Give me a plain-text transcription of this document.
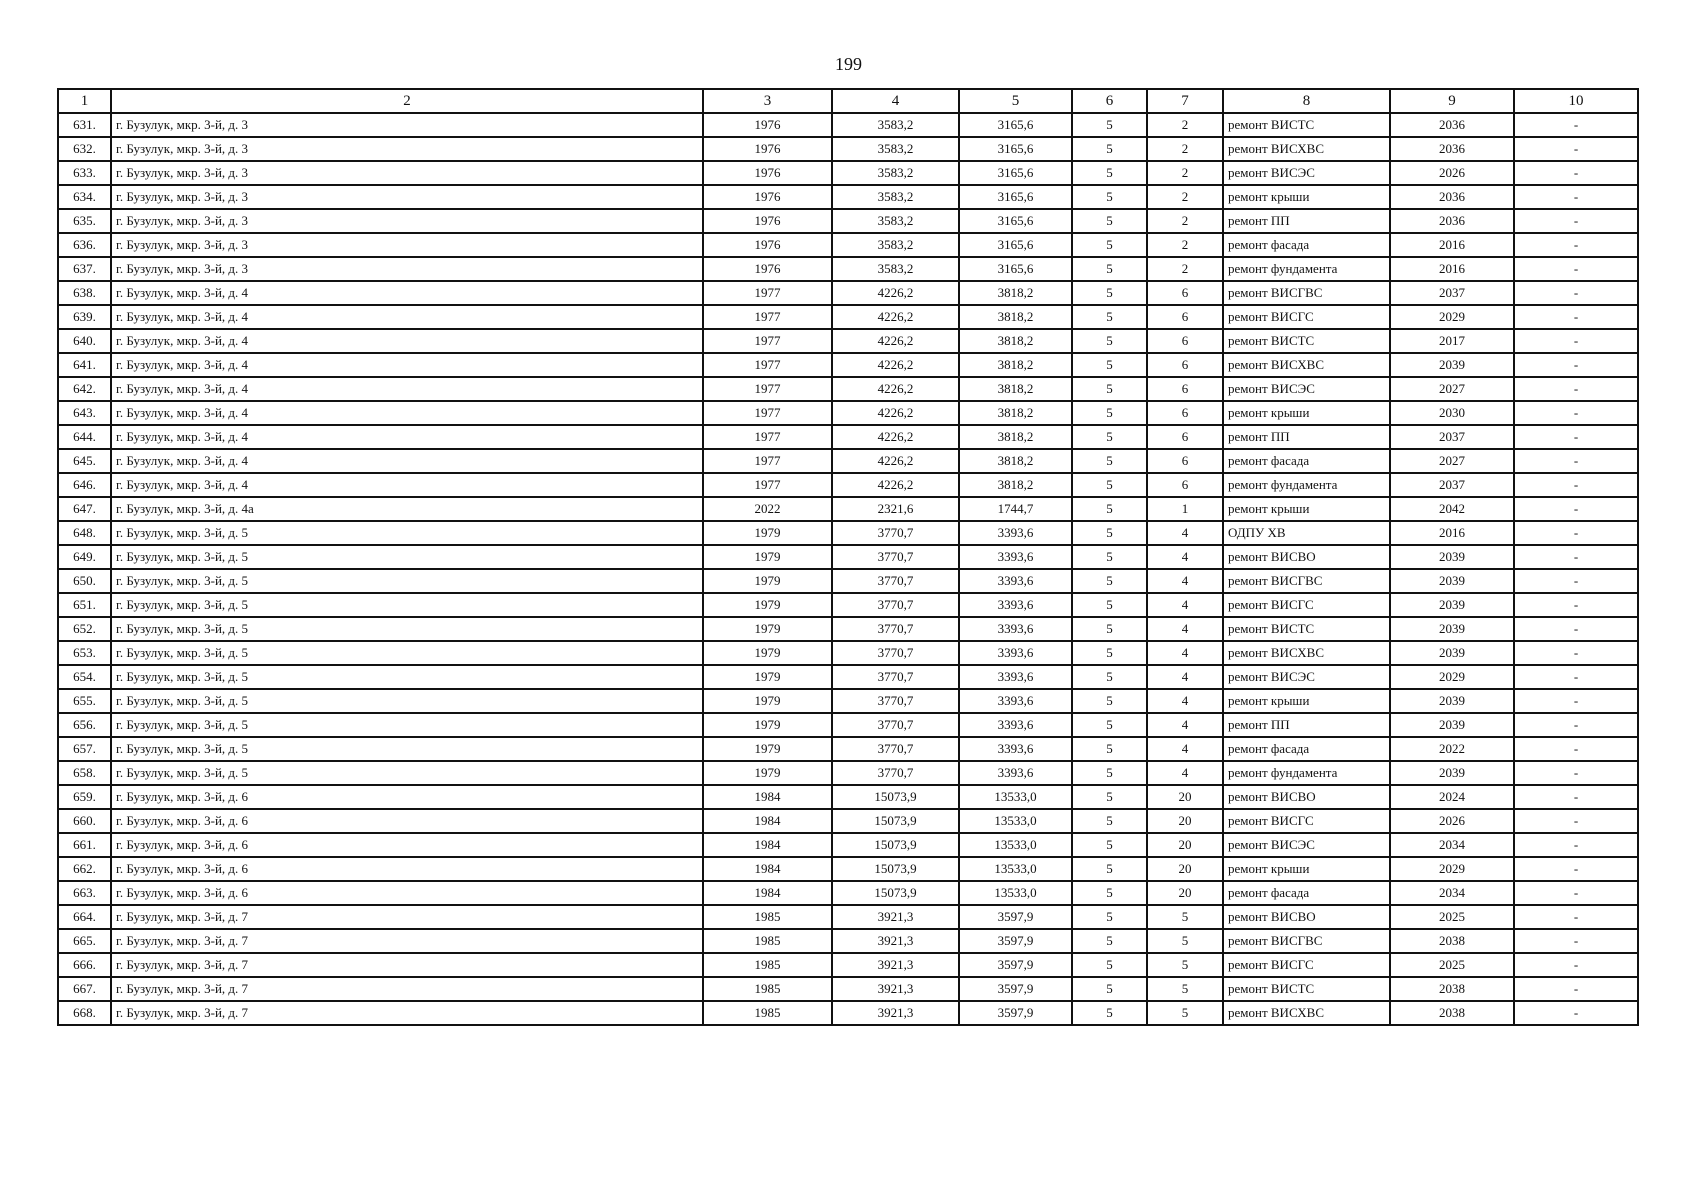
199
1	2	3	4	5	6	7	8	9	10
631.	г. Бузулук, мкр. 3-й, д. 3	1976	3583,2	3165,6	5	2	ремонт ВИСТС	2036	-
632.	г. Бузулук, мкр. 3-й, д. 3	1976	3583,2	3165,6	5	2	ремонт ВИСХВС	2036	-
633.	г. Бузулук, мкр. 3-й, д. 3	1976	3583,2	3165,6	5	2	ремонт ВИСЭС	2026	-
634.	г. Бузулук, мкр. 3-й, д. 3	1976	3583,2	3165,6	5	2	ремонт крыши	2036	-
635.	г. Бузулук, мкр. 3-й, д. 3	1976	3583,2	3165,6	5	2	ремонт ПП	2036	-
636.	г. Бузулук, мкр. 3-й, д. 3	1976	3583,2	3165,6	5	2	ремонт фасада	2016	-
637.	г. Бузулук, мкр. 3-й, д. 3	1976	3583,2	3165,6	5	2	ремонт фундамента	2016	-
638.	г. Бузулук, мкр. 3-й, д. 4	1977	4226,2	3818,2	5	6	ремонт ВИСГВС	2037	-
639.	г. Бузулук, мкр. 3-й, д. 4	1977	4226,2	3818,2	5	6	ремонт ВИСГС	2029	-
640.	г. Бузулук, мкр. 3-й, д. 4	1977	4226,2	3818,2	5	6	ремонт ВИСТС	2017	-
641.	г. Бузулук, мкр. 3-й, д. 4	1977	4226,2	3818,2	5	6	ремонт ВИСХВС	2039	-
642.	г. Бузулук, мкр. 3-й, д. 4	1977	4226,2	3818,2	5	6	ремонт ВИСЭС	2027	-
643.	г. Бузулук, мкр. 3-й, д. 4	1977	4226,2	3818,2	5	6	ремонт крыши	2030	-
644.	г. Бузулук, мкр. 3-й, д. 4	1977	4226,2	3818,2	5	6	ремонт ПП	2037	-
645.	г. Бузулук, мкр. 3-й, д. 4	1977	4226,2	3818,2	5	6	ремонт фасада	2027	-
646.	г. Бузулук, мкр. 3-й, д. 4	1977	4226,2	3818,2	5	6	ремонт фундамента	2037	-
647.	г. Бузулук, мкр. 3-й, д. 4а	2022	2321,6	1744,7	5	1	ремонт крыши	2042	-
648.	г. Бузулук, мкр. 3-й, д. 5	1979	3770,7	3393,6	5	4	ОДПУ ХВ	2016	-
649.	г. Бузулук, мкр. 3-й, д. 5	1979	3770,7	3393,6	5	4	ремонт ВИСВО	2039	-
650.	г. Бузулук, мкр. 3-й, д. 5	1979	3770,7	3393,6	5	4	ремонт ВИСГВС	2039	-
651.	г. Бузулук, мкр. 3-й, д. 5	1979	3770,7	3393,6	5	4	ремонт ВИСГС	2039	-
652.	г. Бузулук, мкр. 3-й, д. 5	1979	3770,7	3393,6	5	4	ремонт ВИСТС	2039	-
653.	г. Бузулук, мкр. 3-й, д. 5	1979	3770,7	3393,6	5	4	ремонт ВИСХВС	2039	-
654.	г. Бузулук, мкр. 3-й, д. 5	1979	3770,7	3393,6	5	4	ремонт ВИСЭС	2029	-
655.	г. Бузулук, мкр. 3-й, д. 5	1979	3770,7	3393,6	5	4	ремонт крыши	2039	-
656.	г. Бузулук, мкр. 3-й, д. 5	1979	3770,7	3393,6	5	4	ремонт ПП	2039	-
657.	г. Бузулук, мкр. 3-й, д. 5	1979	3770,7	3393,6	5	4	ремонт фасада	2022	-
658.	г. Бузулук, мкр. 3-й, д. 5	1979	3770,7	3393,6	5	4	ремонт фундамента	2039	-
659.	г. Бузулук, мкр. 3-й, д. 6	1984	15073,9	13533,0	5	20	ремонт ВИСВО	2024	-
660.	г. Бузулук, мкр. 3-й, д. 6	1984	15073,9	13533,0	5	20	ремонт ВИСГС	2026	-
661.	г. Бузулук, мкр. 3-й, д. 6	1984	15073,9	13533,0	5	20	ремонт ВИСЭС	2034	-
662.	г. Бузулук, мкр. 3-й, д. 6	1984	15073,9	13533,0	5	20	ремонт крыши	2029	-
663.	г. Бузулук, мкр. 3-й, д. 6	1984	15073,9	13533,0	5	20	ремонт фасада	2034	-
664.	г. Бузулук, мкр. 3-й, д. 7	1985	3921,3	3597,9	5	5	ремонт ВИСВО	2025	-
665.	г. Бузулук, мкр. 3-й, д. 7	1985	3921,3	3597,9	5	5	ремонт ВИСГВС	2038	-
666.	г. Бузулук, мкр. 3-й, д. 7	1985	3921,3	3597,9	5	5	ремонт ВИСГС	2025	-
667.	г. Бузулук, мкр. 3-й, д. 7	1985	3921,3	3597,9	5	5	ремонт ВИСТС	2038	-
668.	г. Бузулук, мкр. 3-й, д. 7	1985	3921,3	3597,9	5	5	ремонт ВИСХВС	2038	-
